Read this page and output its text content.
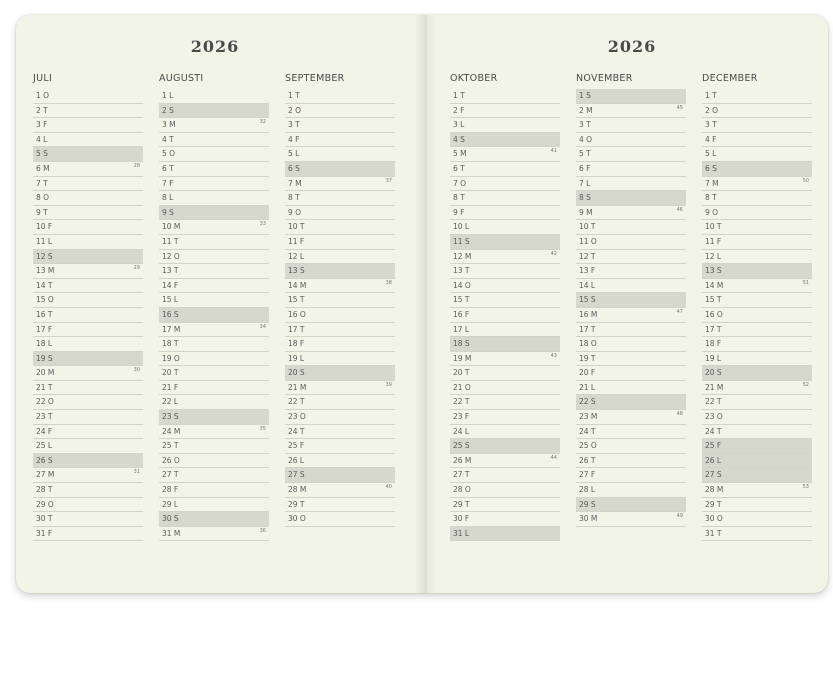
2026
JULI
1 O
2 T
3 F
4 L
5 S
6 M	28
7 T
8 O
9 T
10 F
11 L
12 S
13 M	29
14 T
15 O
16 T
17 F
18 L
19 S
20 M	30
21 T
22 O
23 T
24 F
25 L
26 S
27 M	31
28 T
29 O
30 T
31 F
AUGUSTI
1 L
2 S
3 M	32
4 T
5 O
6 T
7 F
8 L
9 S
10 M	33
11 T
12 O
13 T
14 F
15 L
16 S
17 M	34
18 T
19 O
20 T
21 F
22 L
23 S
24 M	35
25 T
26 O
27 T
28 F
29 L
30 S
31 M	36
SEPTEMBER
1 T
2 O
3 T
4 F
5 L
6 S
7 M	37
8 T
9 O
10 T
11 F
12 L
13 S
14 M	38
15 T
16 O
17 T
18 F
19 L
20 S
21 M	39
22 T
23 O
24 T
25 F
26 L
27 S
28 M	40
29 T
30 O
2026
OKTOBER
1 T
2 F
3 L
4 S
5 M	41
6 T
7 O
8 T
9 F
10 L
11 S
12 M	42
13 T
14 O
15 T
16 F
17 L
18 S
19 M	43
20 T
21 O
22 T
23 F
24 L
25 S
26 M	44
27 T
28 O
29 T
30 F
31 L
NOVEMBER
1 S
2 M	45
3 T
4 O
5 T
6 F
7 L
8 S
9 M	46
10 T
11 O
12 T
13 F
14 L
15 S
16 M	47
17 T
18 O
19 T
20 F
21 L
22 S
23 M	48
24 T
25 O
26 T
27 F
28 L
29 S
30 M	49
DECEMBER
1 T
2 O
3 T
4 F
5 L
6 S
7 M	50
8 T
9 O
10 T
11 F
12 L
13 S
14 M	51
15 T
16 O
17 T
18 F
19 L
20 S
21 M	52
22 T
23 O
24 T
25 F
26 L
27 S
28 M	53
29 T
30 O
31 T
